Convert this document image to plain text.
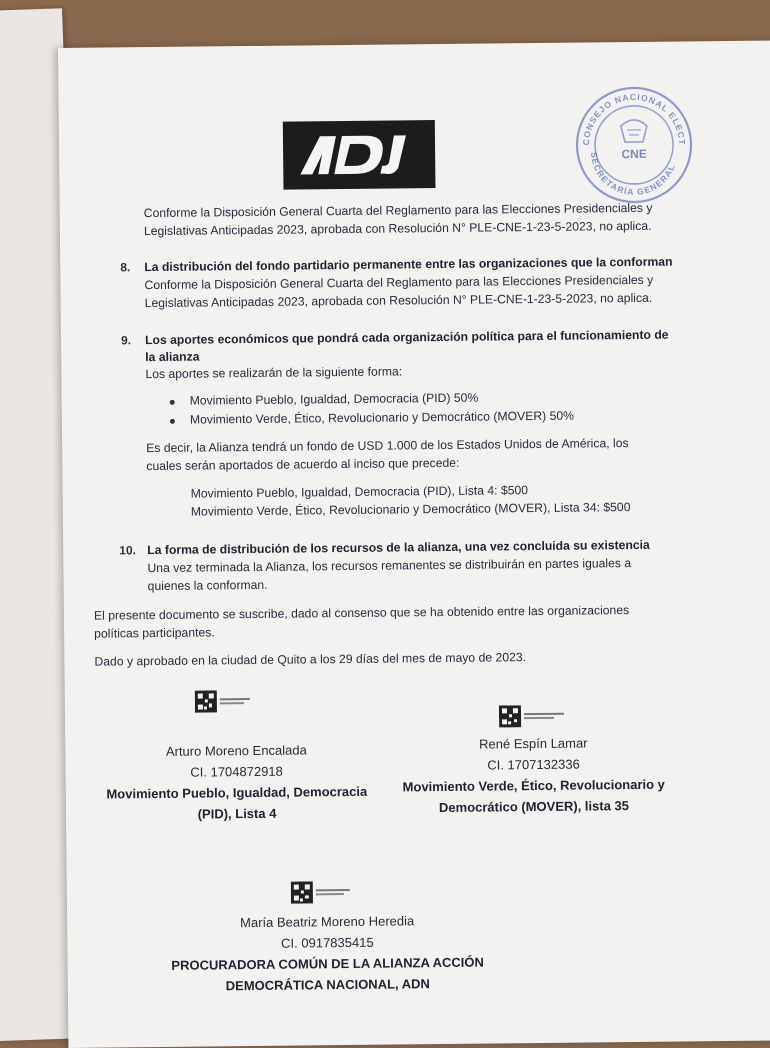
CONSEJO NACIONAL ELECTORAL
SECRETARÍA GENERAL
CNE
Conforme la Disposición General Cuarta del Reglamento para las Elecciones Presidenciales y
Legislativas Anticipadas 2023, aprobada con Resolución N° PLE-CNE-1-23-5-2023, no aplica.
8. La distribución del fondo partidario permanente entre las organizaciones que la conforman
Conforme la Disposición General Cuarta del Reglamento para las Elecciones Presidenciales y
Legislativas Anticipadas 2023, aprobada con Resolución N° PLE-CNE-1-23-5-2023, no aplica.
9. Los aportes económicos que pondrá cada organización política para el funcionamiento de
la alianza
Los aportes se realizarán de la siguiente forma:
Movimiento Pueblo, Igualdad, Democracia (PID) 50%
Movimiento Verde, Ético, Revolucionario y Democrático (MOVER) 50%
Es decir, la Alianza tendrá un fondo de USD 1.000 de los Estados Unidos de América, los
cuales serán aportados de acuerdo al inciso que precede:
Movimiento Pueblo, Igualdad, Democracia (PID), Lista 4: $500
Movimiento Verde, Ético, Revolucionario y Democrático (MOVER), Lista 34: $500
10. La forma de distribución de los recursos de la alianza, una vez concluida su existencia
Una vez terminada la Alianza, los recursos remanentes se distribuirán en partes iguales a
quienes la conforman.
El presente documento se suscribe, dado al consenso que se ha obtenido entre las organizaciones
políticas participantes.
Dado y aprobado en la ciudad de Quito a los 29 días del mes de mayo de 2023.
Arturo Moreno Encalada
CI. 1704872918
Movimiento Pueblo, Igualdad, Democracia
(PID), Lista 4
René Espín Lamar
CI. 1707132336
Movimiento Verde, Ético, Revolucionario y
Democrático (MOVER), lista 35
María Beatriz Moreno Heredia
CI. 0917835415
PROCURADORA COMÚN DE LA ALIANZA ACCIÓN
DEMOCRÁTICA NACIONAL, ADN
